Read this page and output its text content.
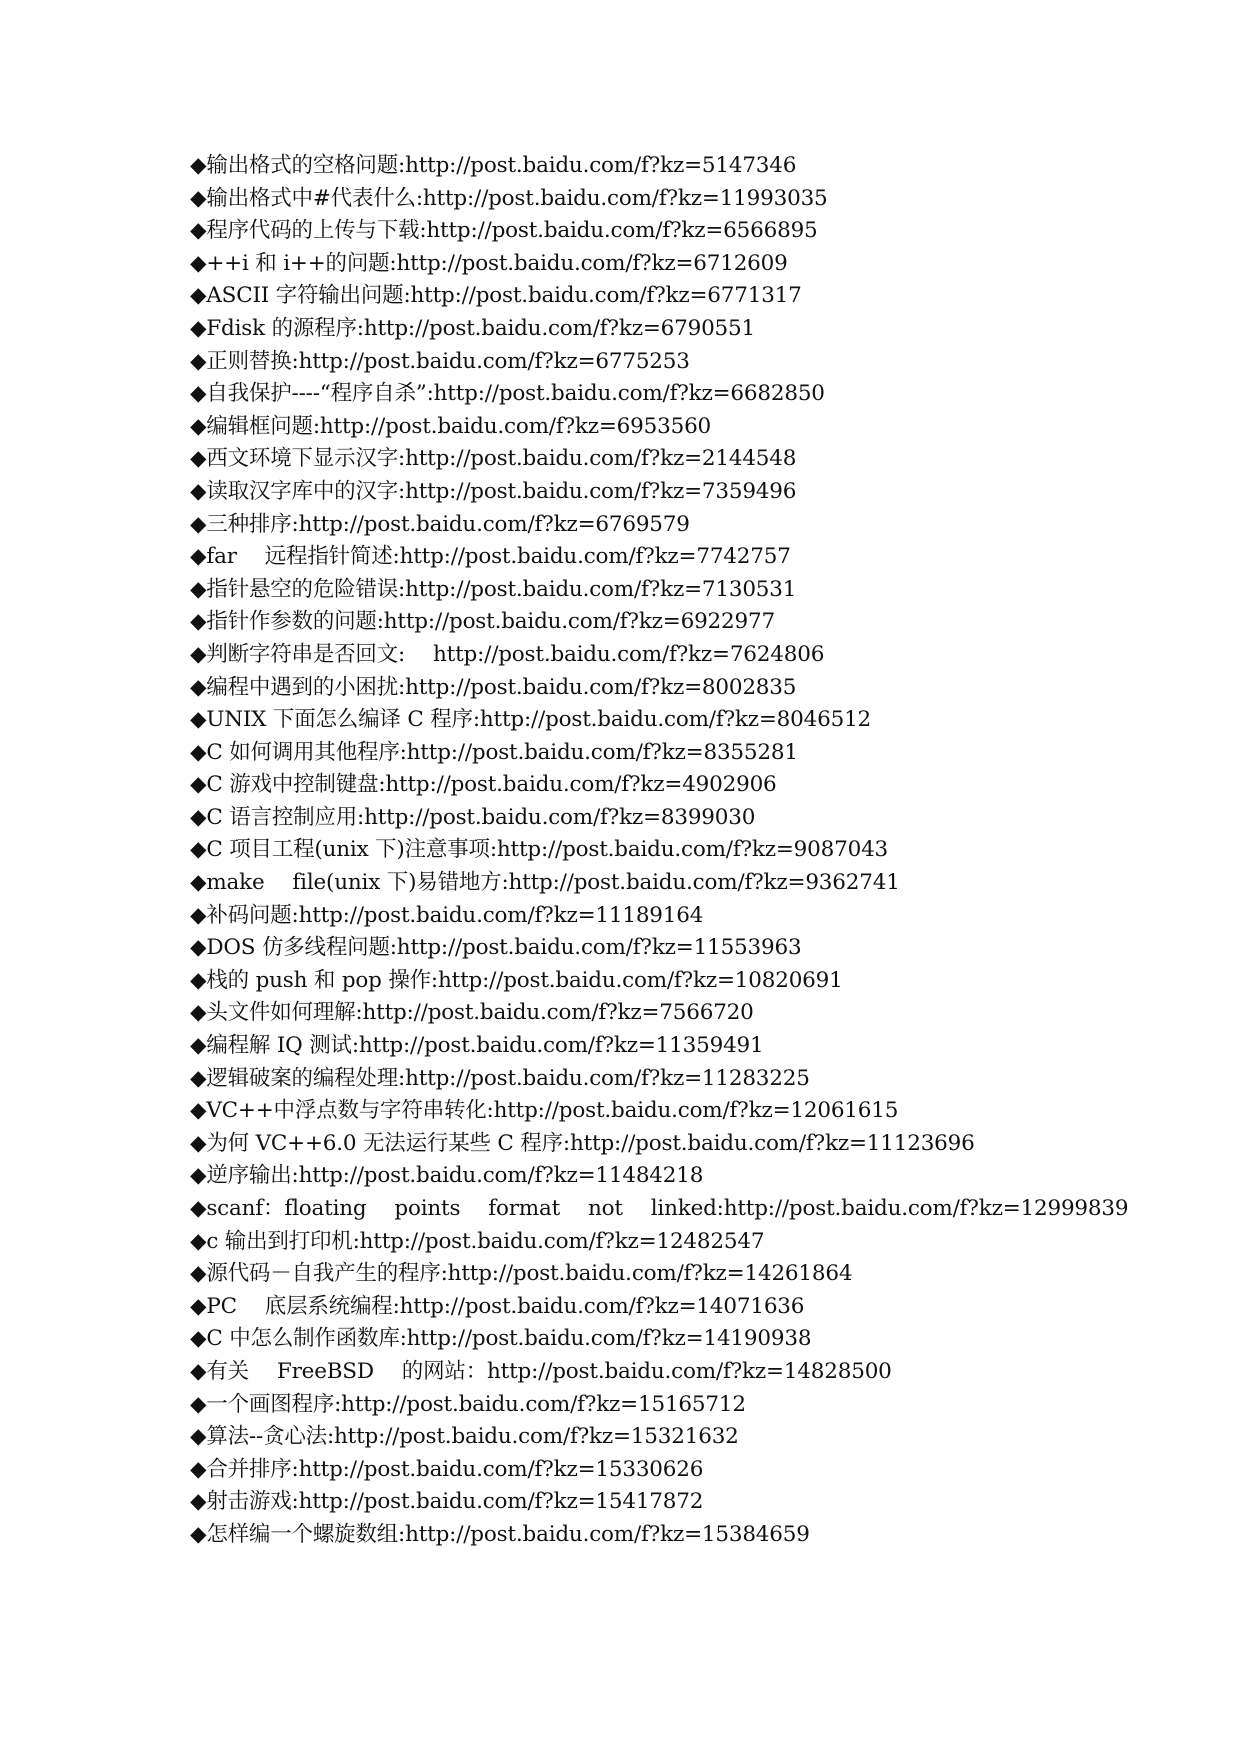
◆输出格式的空格问题:http://post.baidu.com/f?kz=5147346
◆输出格式中#代表什么:http://post.baidu.com/f?kz=11993035
◆程序代码的上传与下载:http://post.baidu.com/f?kz=6566895
◆++i 和 i++的问题:http://post.baidu.com/f?kz=6712609
◆ASCII 字符输出问题:http://post.baidu.com/f?kz=6771317
◆Fdisk 的源程序:http://post.baidu.com/f?kz=6790551
◆正则替换:http://post.baidu.com/f?kz=6775253
◆自我保护----“程序自杀”:http://post.baidu.com/f?kz=6682850
◆编辑框问题:http://post.baidu.com/f?kz=6953560
◆西文环境下显示汉字:http://post.baidu.com/f?kz=2144548
◆读取汉字库中的汉字:http://post.baidu.com/f?kz=7359496
◆三种排序:http://post.baidu.com/f?kz=6769579
◆far　 远程指针简述:http://post.baidu.com/f?kz=7742757
◆指针悬空的危险错误:http://post.baidu.com/f?kz=7130531
◆指针作参数的问题:http://post.baidu.com/f?kz=6922977
◆判断字符串是否回文:　 http://post.baidu.com/f?kz=7624806
◆编程中遇到的小困扰:http://post.baidu.com/f?kz=8002835
◆UNIX 下面怎么编译 C 程序:http://post.baidu.com/f?kz=8046512
◆C 如何调用其他程序:http://post.baidu.com/f?kz=8355281
◆C 游戏中控制键盘:http://post.baidu.com/f?kz=4902906
◆C 语言控制应用:http://post.baidu.com/f?kz=8399030
◆C 项目工程(unix 下)注意事项:http://post.baidu.com/f?kz=9087043
◆make　 file(unix 下)易错地方:http://post.baidu.com/f?kz=9362741
◆补码问题:http://post.baidu.com/f?kz=11189164
◆DOS 仿多线程问题:http://post.baidu.com/f?kz=11553963
◆栈的 push 和 pop 操作:http://post.baidu.com/f?kz=10820691
◆头文件如何理解:http://post.baidu.com/f?kz=7566720
◆编程解 IQ 测试:http://post.baidu.com/f?kz=11359491
◆逻辑破案的编程处理:http://post.baidu.com/f?kz=11283225
◆VC++中浮点数与字符串转化:http://post.baidu.com/f?kz=12061615
◆为何 VC++6.0 无法运行某些 C 程序:http://post.baidu.com/f?kz=11123696
◆逆序输出:http://post.baidu.com/f?kz=11484218
◆scanf：floating　 points　 format　 not　 linked:http://post.baidu.com/f?kz=12999839
◆c 输出到打印机:http://post.baidu.com/f?kz=12482547
◆源代码－自我产生的程序:http://post.baidu.com/f?kz=14261864
◆PC　 底层系统编程:http://post.baidu.com/f?kz=14071636
◆C 中怎么制作函数库:http://post.baidu.com/f?kz=14190938
◆有关　 FreeBSD　 的网站：http://post.baidu.com/f?kz=14828500
◆一个画图程序:http://post.baidu.com/f?kz=15165712
◆算法--贪心法:http://post.baidu.com/f?kz=15321632
◆合并排序:http://post.baidu.com/f?kz=15330626
◆射击游戏:http://post.baidu.com/f?kz=15417872
◆怎样编一个螺旋数组:http://post.baidu.com/f?kz=15384659
